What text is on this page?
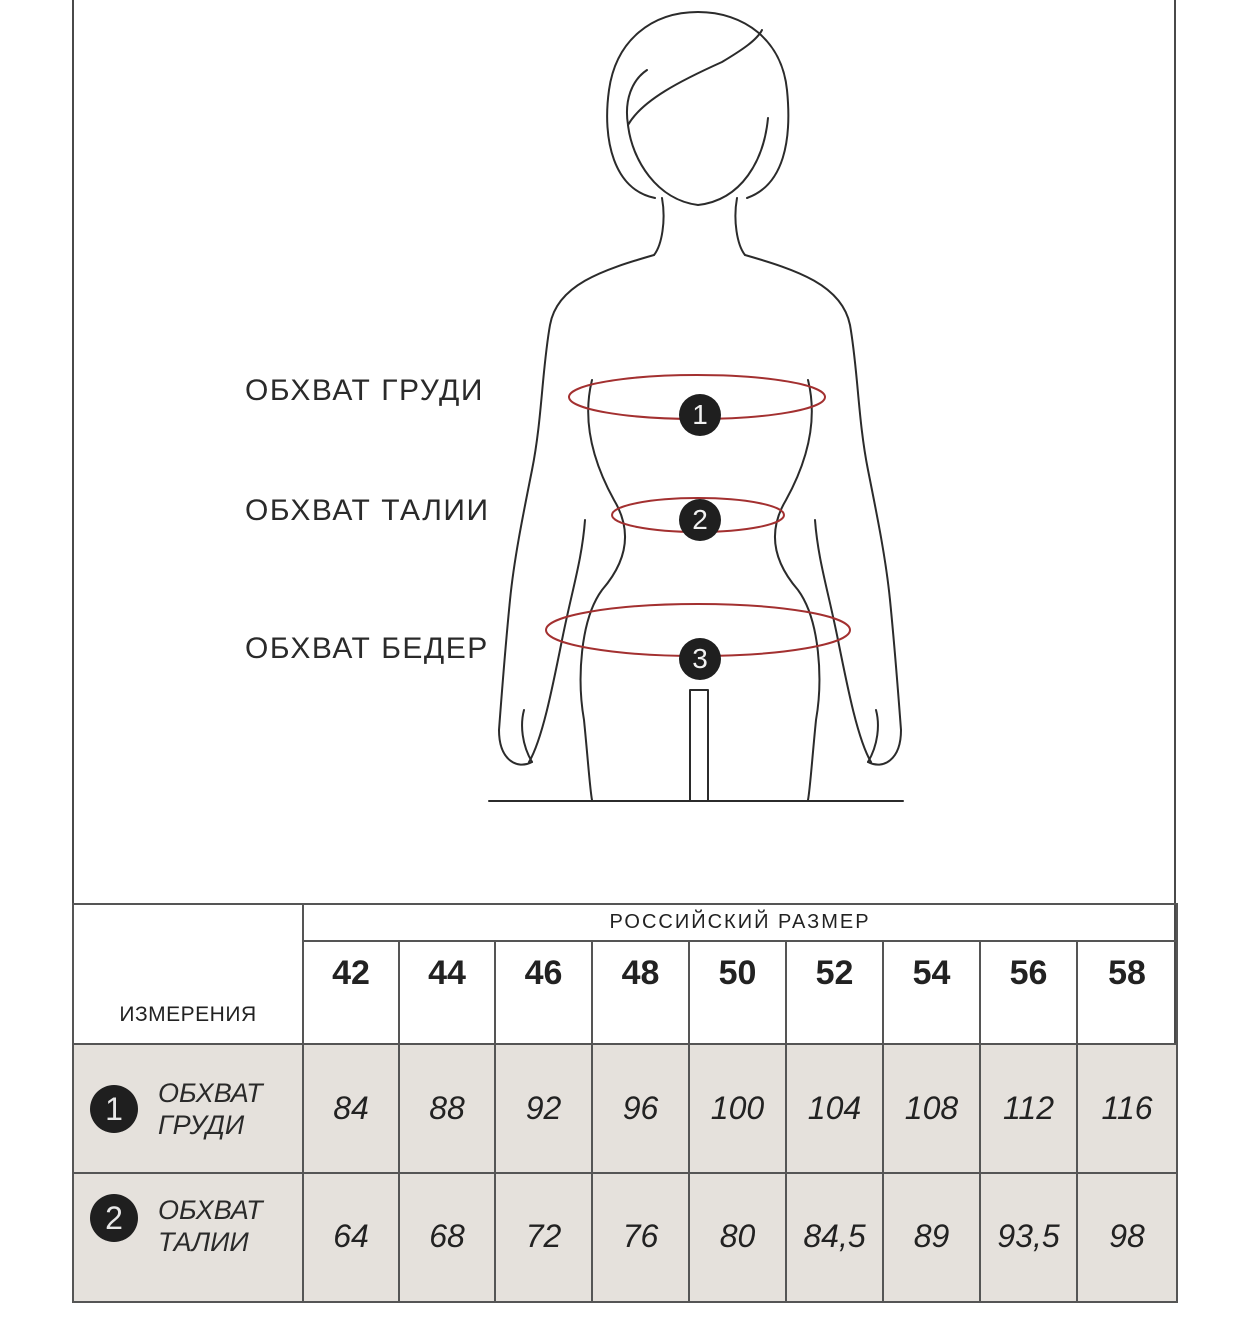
ОБХВАТ ГРУДИ
ОБХВАТ ТАЛИИ
ОБХВАТ БЕДЕР
1
2
3
ИЗМЕРЕНИЯ	РОССИЙСКИЙ РАЗМЕР								
	42	44	46	48	50	52	54	56	58

1 ОБХВАТ
ГРУДИ	84	88	92	96	100	104	108	112	116

2 ОБХВАТ
ТАЛИИ	64	68	72	76	80	84,5	89	93,5	98
